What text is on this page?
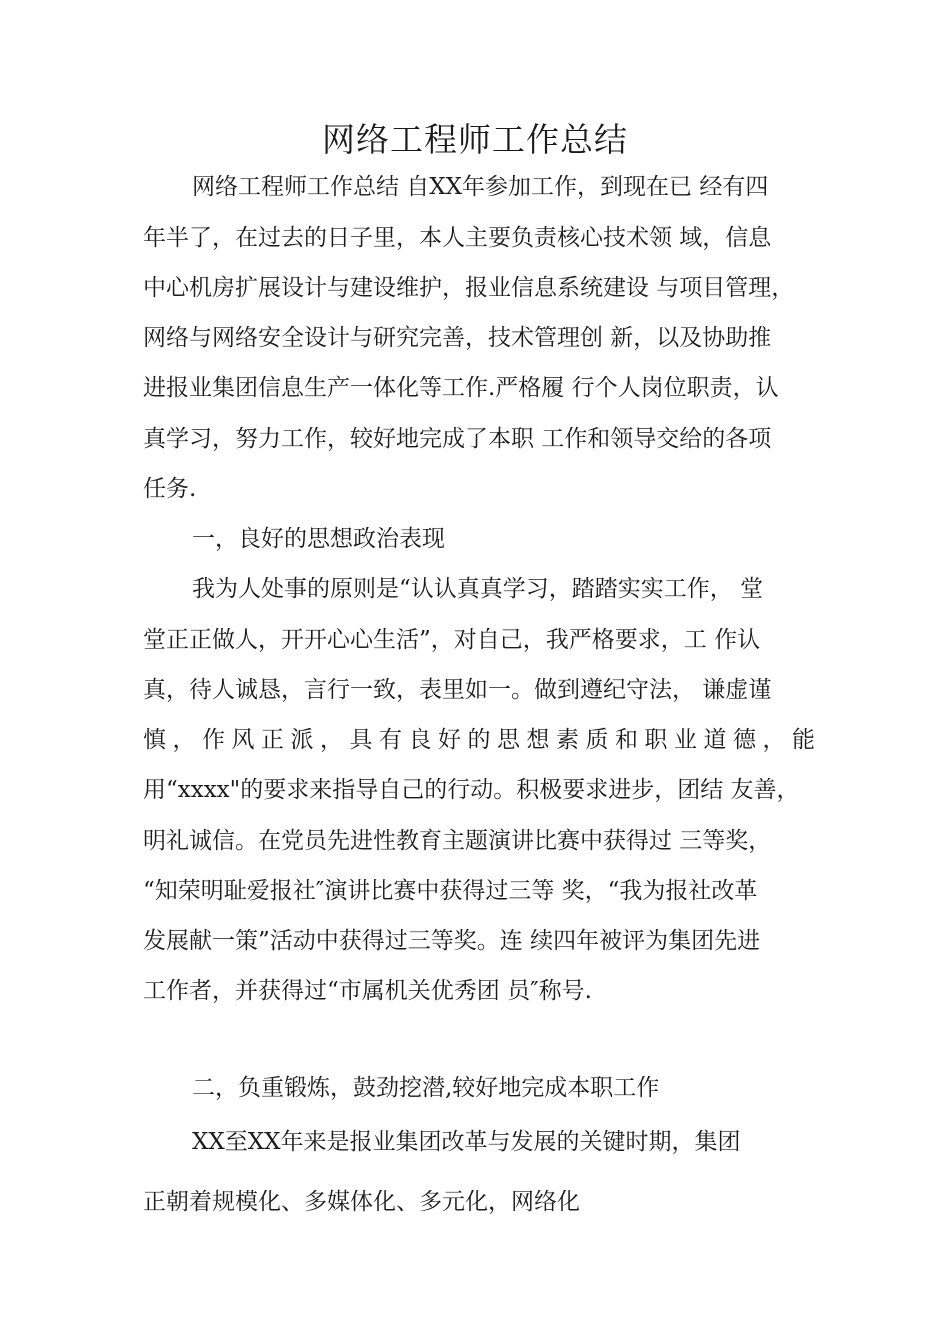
网络工程师工作总结
网络工程师工作总结 自XX年参加工作，到现在已 经有四
年半了，在过去的日子里，本人主要负责核心技术领 域，信息
中心机房扩展设计与建设维护，报业信息系统建设 与项目管理，
网络与网络安全设计与研究完善，技术管理创 新，以及协助推
进报业集团信息生产一体化等工作.严格履 行个人岗位职责，认
真学习，努力工作，较好地完成了本职 工作和领导交给的各项
任务.
一，良好的思想政治表现
我为人处事的原则是“认认真真学习，踏踏实实工作， 堂
堂正正做人，开开心心生活”，对自己，我严格要求，工 作认
真，待人诚恳，言行一致，表里如一。做到遵纪守法， 谦虚谨
慎 ， 作 风 正 派 ， 具 有 良 好 的 思 想 素 质 和 职 业 道 德 ， 能
用“xxxx"的要求来指导自己的行动。积极要求进步，团结 友善，
明礼诚信。在党员先进性教育主题演讲比赛中获得过 三等奖，
“知荣明耻爱报社″演讲比赛中获得过三等 奖，“我为报社改革
发展献一策”活动中获得过三等奖。连 续四年被评为集团先进
工作者，并获得过“市属机关优秀团 员″称号.
二，负重锻炼，鼓劲挖潜,较好地完成本职工作
XX至XX年来是报业集团改革与发展的关键时期，集团
正朝着规模化、多媒体化、多元化，网络化
